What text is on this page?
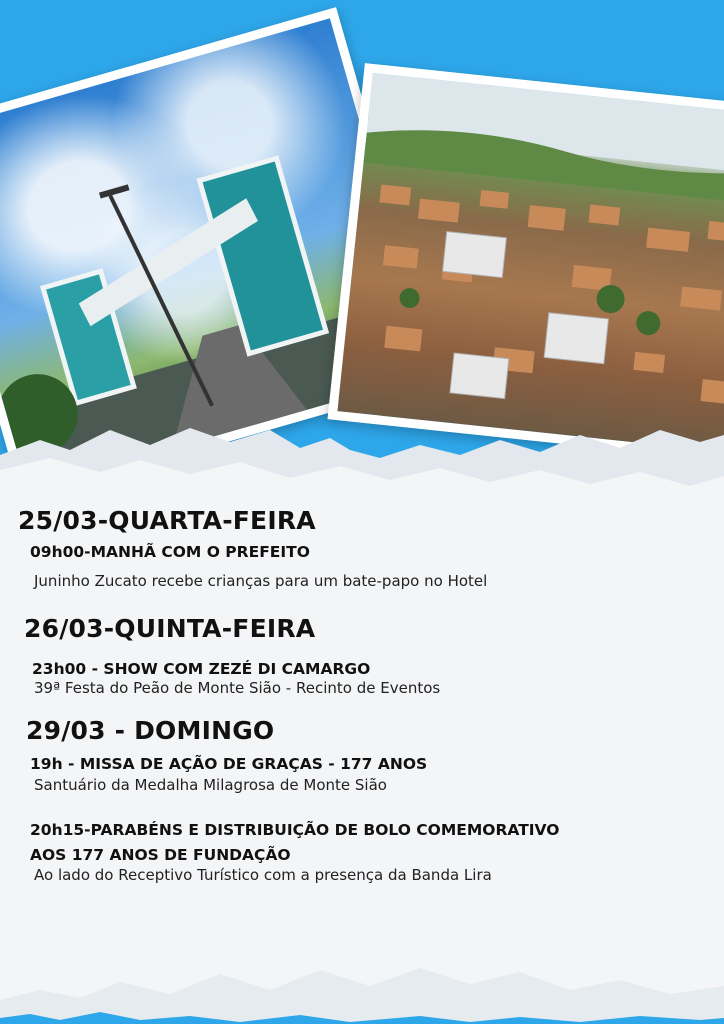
25/03-QUARTA-FEIRA
09h00-MANHÃ COM O PREFEITO
Juninho Zucato recebe crianças para um bate-papo no Hotel
26/03-QUINTA-FEIRA
23h00 - SHOW COM ZEZÉ DI CAMARGO
39ª Festa do Peão de Monte Sião - Recinto de Eventos
29/03 - DOMINGO
19h - MISSA DE AÇÃO DE GRAÇAS - 177 ANOS
Santuário da Medalha Milagrosa de Monte Sião
20h15-PARABÉNS E DISTRIBUIÇÃO DE BOLO COMEMORATIVO
AOS 177 ANOS DE FUNDAÇÃO
Ao lado do Receptivo Turístico com a presença da Banda Lira
